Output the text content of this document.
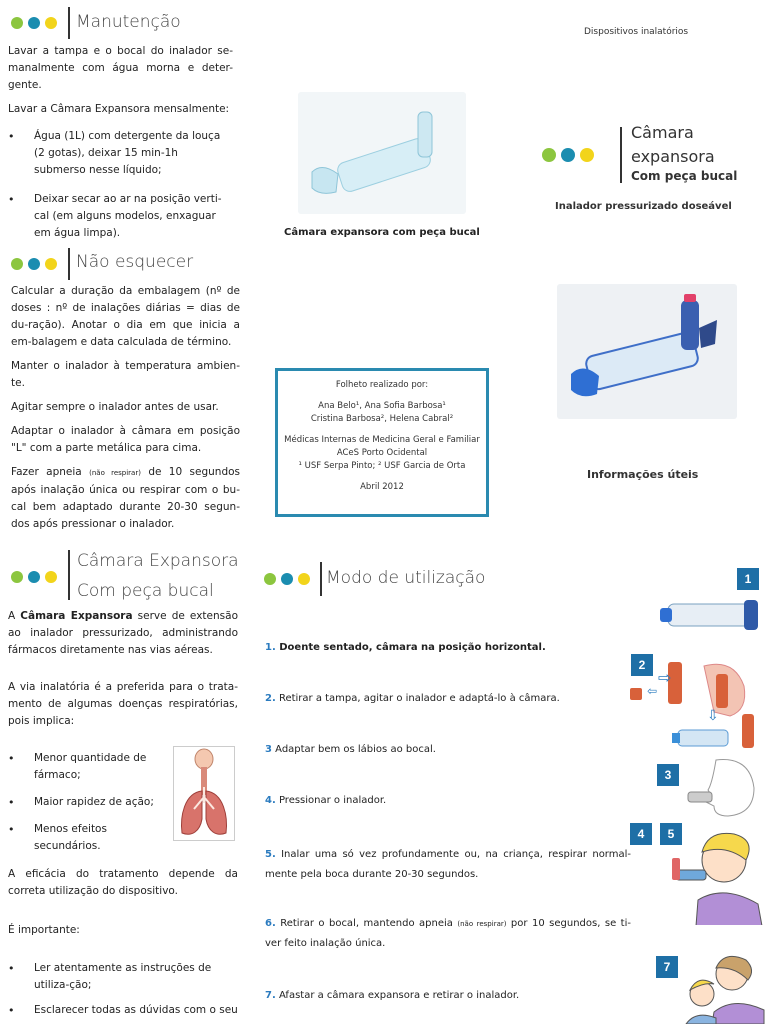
Manutenção

Lavar a tampa e o bocal do inalador se-manalmente com água morna e deter-gente.

Lavar a Câmara Expansora mensalmente:

• Água (1L) com detergente da louça (2 gotas), deixar 15 min-1h submerso nesse líquido;
• Deixar secar ao ar na posição verti-cal (em alguns modelos, enxaguar em água limpa).
Não esquecer

Calcular a duração da embalagem (nº de doses : nº de inalações diárias = dias de du-ração). Anotar o dia em que inicia a em-balagem e data calculada de término.

Manter o inalador à temperatura ambien-te.

Agitar sempre o inalador antes de usar.

Adaptar o inalador à câmara em posição "L" com a parte metálica para cima.

Fazer apneia (não respirar) de 10 segundos após inalação única ou respirar com o bu-cal bem adaptado durante 20-30 segun-dos após pressionar o inalador.

Câmara Expansora
Com peça bucal

A Câmara Expansora serve de extensão ao inalador pressurizado, administrando fármacos diretamente nas vias aéreas.

A via inalatória é a preferida para o trata-mento de algumas doenças respiratórias, pois implica:

• Menor quantidade de fármaco;
• Maior rapidez de ação;
• Menos efeitos secundários.

A eficácia do tratamento depende da correta utilização do dispositivo.

É importante:

• Ler atentamente as instruções de utiliza-ção;
• Esclarecer todas as dúvidas com o seu
Câmara expansora com peça bucal
Folheto realizado por:
Ana Belo¹, Ana Sofia Barbosa¹
Cristina Barbosa², Helena Cabral²
Médicas Internas de Medicina Geral e Familiar
ACeS Porto Ocidental
¹ USF Serpa Pinto; ² USF Garcia de Orta
Abril 2012
Modo de utilização
1. Doente sentado, câmara na posição horizontal.
2. Retirar a tampa, agitar o inalador e adaptá-lo à câmara.
3 Adaptar bem os lábios ao bocal.
4. Pressionar o inalador.
5. Inalar uma só vez profundamente ou, na criança, respirar normal-mente pela boca durante 20-30 segundos.
6. Retirar o bocal, mantendo apneia (não respirar) por 10 segundos, se ti-ver feito inalação única.
7. Afastar a câmara expansora e retirar o inalador.
Dispositivos inalatórios
Câmara
expansora
Com peça bucal
Inalador pressurizado doseável
Informações úteis
1
2
⇨
⇦
⇩
3
4	5
7
